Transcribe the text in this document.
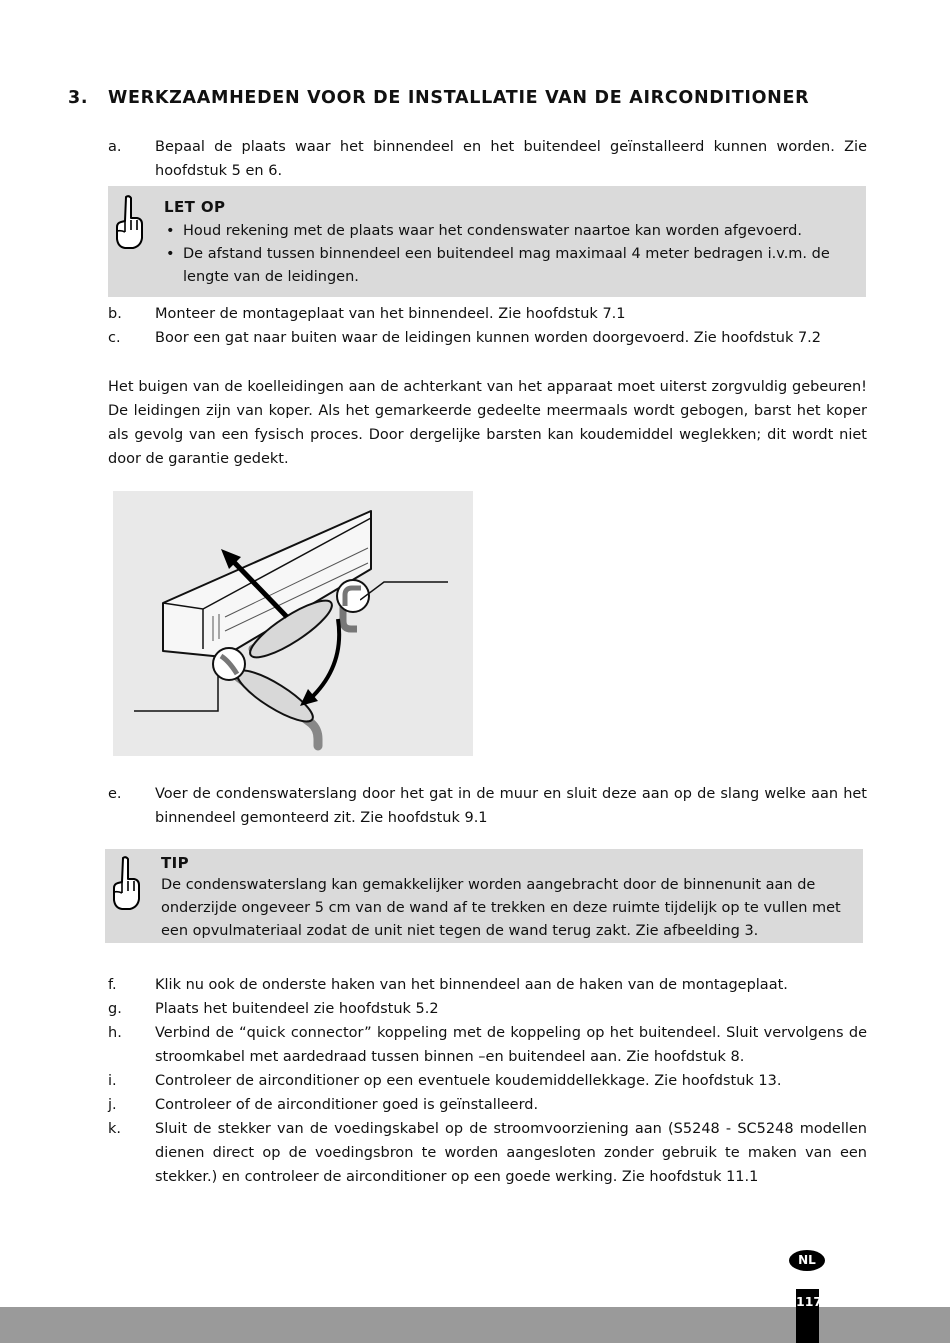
3. WERKZAAMHEDEN VOOR DE INSTALLATIE VAN DE AIRCONDITIONER
a.	Bepaal de plaats waar het binnendeel en het buitendeel geïnstalleerd kunnen worden. Zie hoofdstuk 5 en 6.
LET OP
• Houd rekening met de plaats waar het condenswater naartoe kan worden afgevoerd.
• De afstand tussen binnendeel een buitendeel mag maximaal 4 meter bedragen i.v.m. de lengte van de leidingen.
b.	Monteer de montageplaat van het binnendeel. Zie hoofdstuk 7.1
c.	Boor een gat naar buiten waar de leidingen kunnen worden doorgevoerd. Zie hoofdstuk 7.2

Het buigen van de koelleidingen aan de achterkant van het apparaat moet uiterst zorgvuldig gebeuren! De leidingen zijn van koper. Als het gemarkeerde gedeelte meermaals wordt gebogen, barst het koper als gevolg van een fysisch proces. Door dergelijke barsten kan koudemiddel weglekken; dit wordt niet door de garantie gedekt.

e.	Voer de condenswaterslang door het gat in de muur en sluit deze aan op de slang welke aan het binnendeel gemonteerd zit. Zie hoofdstuk 9.1
TIP
De condenswaterslang kan gemakkelijker worden aangebracht door de binnenunit aan de onderzijde ongeveer 5 cm van de wand af te trekken en deze ruimte tijdelijk op te vullen met een opvulmateriaal zodat de unit niet tegen de wand terug zakt. Zie afbeelding 3.
f.	Klik nu ook de onderste haken van het binnendeel aan de haken van de montageplaat.
g.	Plaats het buitendeel zie hoofdstuk 5.2
h.	Verbind de “quick connector” koppeling met de koppeling op het buitendeel. Sluit vervolgens de stroomkabel met aardedraad tussen binnen –en buitendeel aan. Zie hoofdstuk 8.
i.	Controleer de airconditioner op een eventuele koudemiddellekkage. Zie hoofdstuk 13.
j.	Controleer of de airconditioner goed is geïnstalleerd.
k.	Sluit de stekker van de voedingskabel op de stroomvoorziening aan (S5248 - SC5248 modellen dienen direct op de voedingsbron te worden aangesloten zonder gebruik te maken van een stekker.) en controleer de airconditioner op een goede werking. Zie hoofdstuk 11.1
NL
117
